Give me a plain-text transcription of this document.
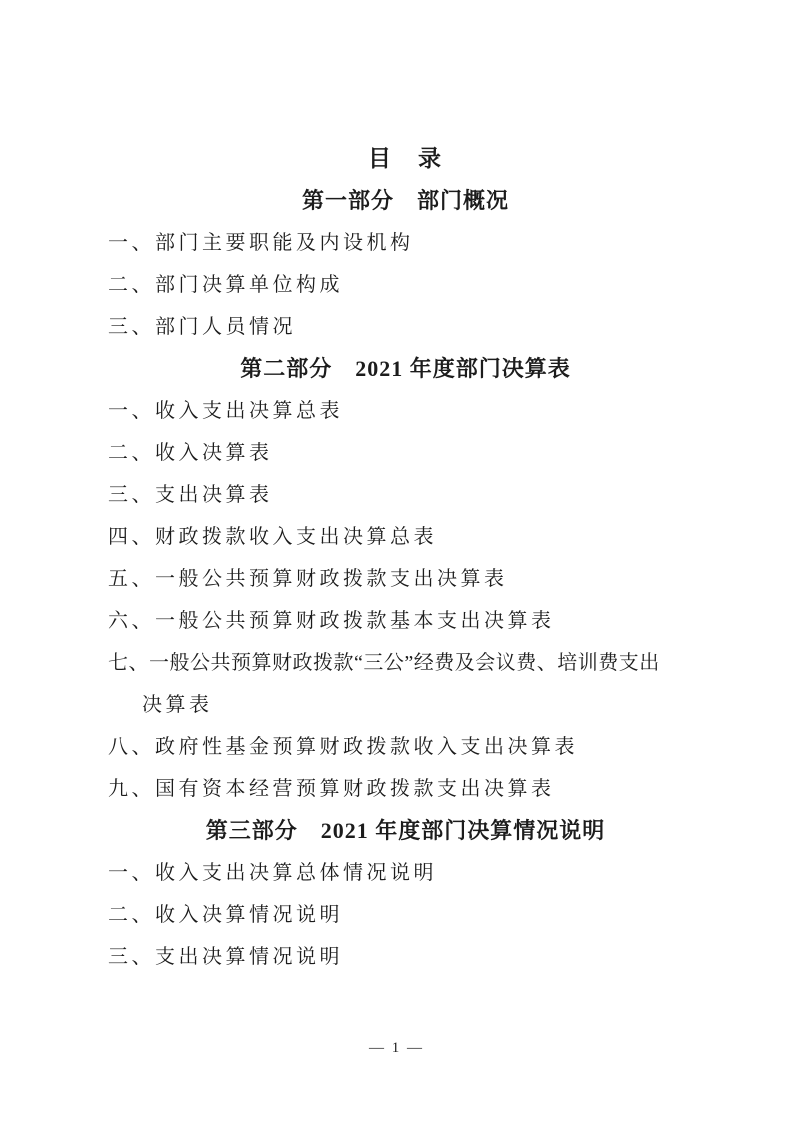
目　录
第一部分　部门概况
一、部门主要职能及内设机构
二、部门决算单位构成
三、部门人员情况
第二部分　2021 年度部门决算表
一、收入支出决算总表
二、收入决算表
三、支出决算表
四、财政拨款收入支出决算总表
五、一般公共预算财政拨款支出决算表
六、一般公共预算财政拨款基本支出决算表
七、一般公共预算财政拨款“三公”经费及会议费、培训费支出
决算表
八、政府性基金预算财政拨款收入支出决算表
九、国有资本经营预算财政拨款支出决算表
第三部分　2021 年度部门决算情况说明
一、收入支出决算总体情况说明
二、收入决算情况说明
三、支出决算情况说明
— 1 —
